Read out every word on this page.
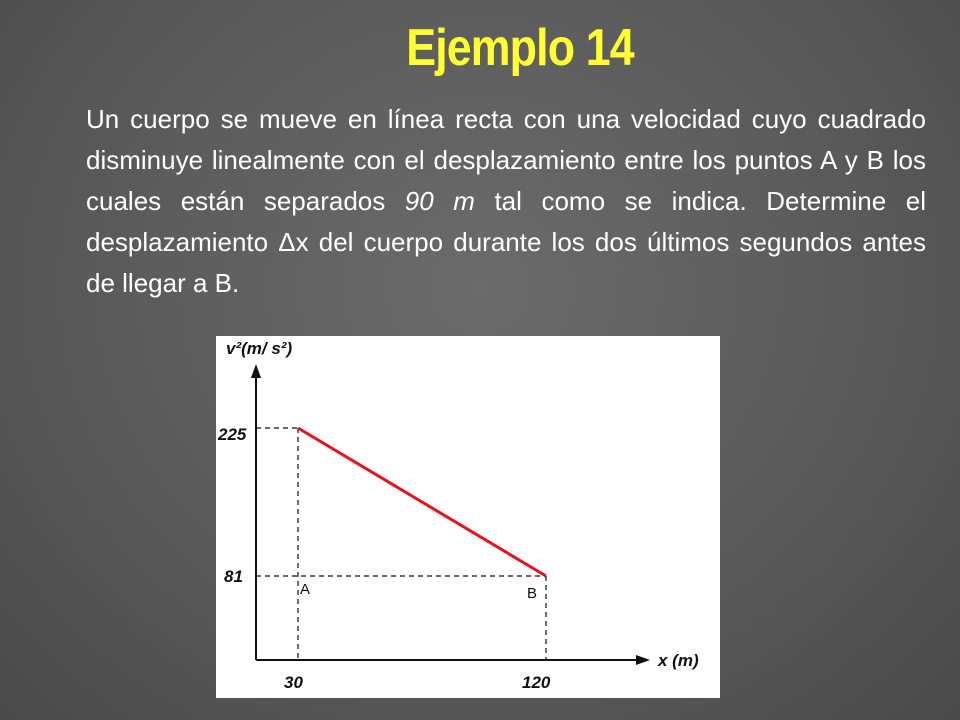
Ejemplo 14
Un cuerpo se mueve en línea recta con una velocidad cuyo cuadrado disminuye linealmente con el desplazamiento entre los puntos A y B los cuales están separados 90 m tal como se indica. Determine el desplazamiento Δx del cuerpo durante los dos últimos segundos antes de llegar a B.
v²(m/ s²)
x (m)
225
81
30	120
A	B
